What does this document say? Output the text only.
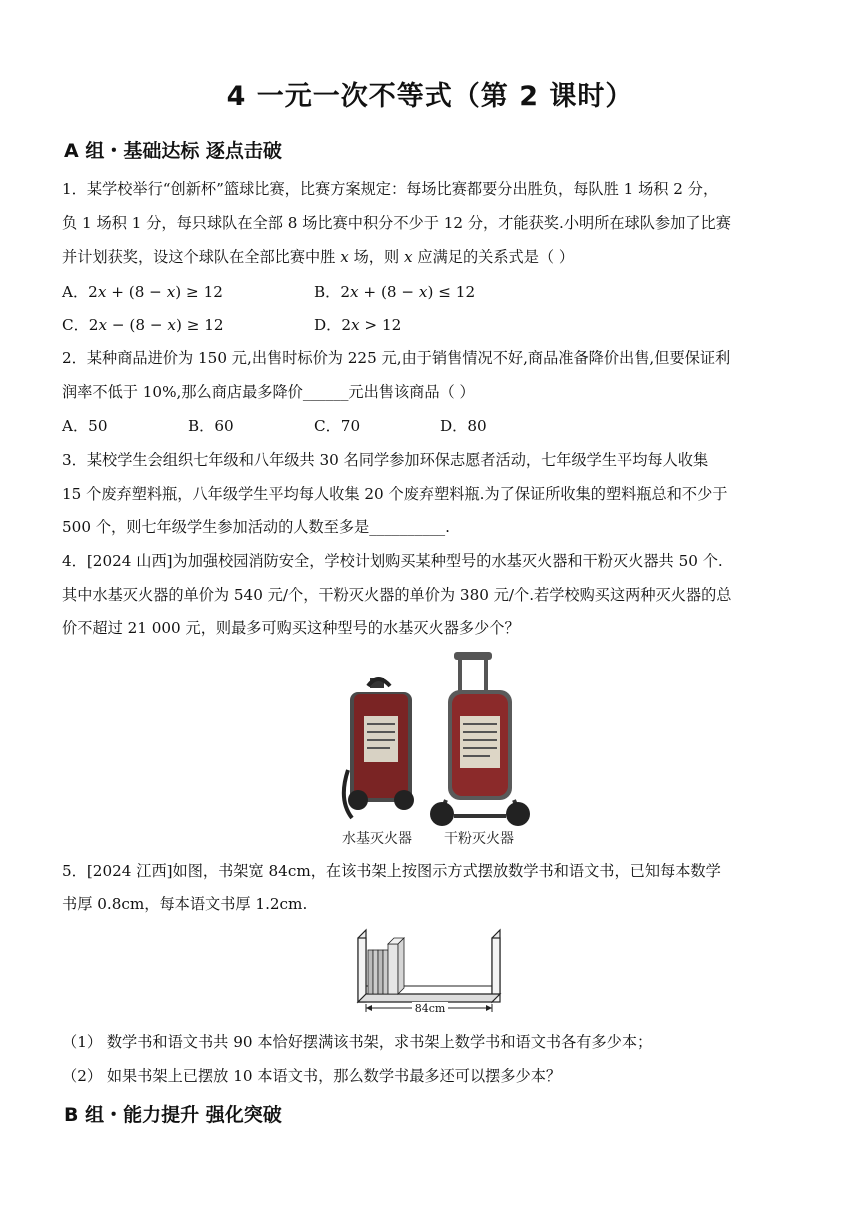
4 一元一次不等式（第 2 课时）
A 组・基础达标 逐点击破
1．某学校举行“创新杯”篮球比赛，比赛方案规定：每场比赛都要分出胜负，每队胜 1 场积 2 分，
负 1 场积 1 分，每只球队在全部 8 场比赛中积分不少于 12 分，才能获奖.小明所在球队参加了比赛
并计划获奖，设这个球队在全部比赛中胜 𝑥 场，则 𝑥 应满足的关系式是（ ）
A．2𝑥 + (8 − 𝑥) ≥ 12	B．2𝑥 + (8 − 𝑥) ≤ 12
C．2𝑥 − (8 − 𝑥) ≥ 12	D．2𝑥 > 12
2．某种商品进价为 150 元,出售时标价为 225 元,由于销售情况不好,商品准备降价出售,但要保证利
润率不低于 10%,那么商店最多降价______元出售该商品（ ）
A．50	B．60	C．70	D．80
3．某校学生会组织七年级和八年级共 30 名同学参加环保志愿者活动，七年级学生平均每人收集
15 个废弃塑料瓶，八年级学生平均每人收集 20 个废弃塑料瓶.为了保证所收集的塑料瓶总和不少于
500 个，则七年级学生参加活动的人数至多是__________.
4．[2024 山西]为加强校园消防安全，学校计划购买某种型号的水基灭火器和干粉灭火器共 50 个.
其中水基灭火器的单价为 540 元/个，干粉灭火器的单价为 380 元/个.若学校购买这两种灭火器的总
价不超过 21 000 元，则最多可购买这种型号的水基灭火器多少个？
水基灭火器 干粉灭火器
5．[2024 江西]如图，书架宽 84cm，在该书架上按图示方式摆放数学书和语文书，已知每本数学
书厚 0.8cm，每本语文书厚 1.2cm.
84cm
（1） 数学书和语文书共 90 本恰好摆满该书架，求书架上数学书和语文书各有多少本；
（2） 如果书架上已摆放 10 本语文书，那么数学书最多还可以摆多少本？
B 组・能力提升 强化突破
